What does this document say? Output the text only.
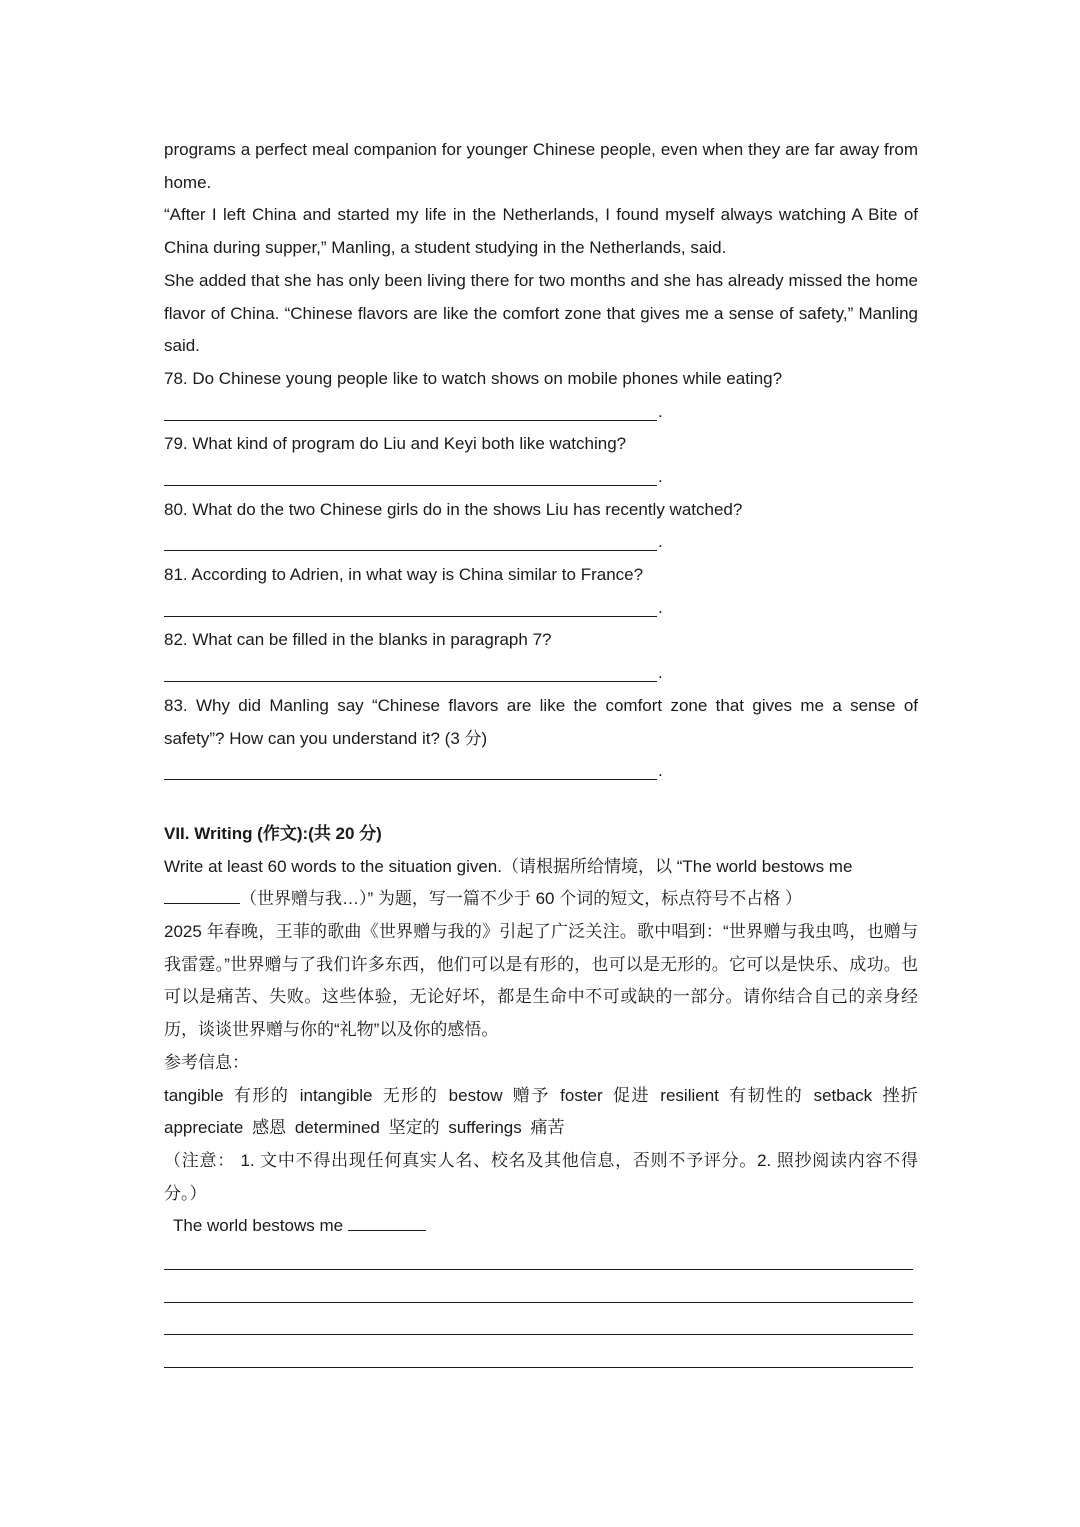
programs a perfect meal companion for younger Chinese people, even when they are far away from home.

“After I left China and started my life in the Netherlands, I found myself always watching A Bite of China during supper,” Manling, a student studying in the Netherlands, said.

She added that she has only been living there for two months and she has already missed the home flavor of China. “Chinese flavors are like the comfort zone that gives me a sense of safety,” Manling said.

78. Do Chinese young people like to watch shows on mobile phones while eating?

.

79. What kind of program do Liu and Keyi both like watching?

.

80. What do the two Chinese girls do in the shows Liu has recently watched?

.

81. According to Adrien, in what way is China similar to France?

.

82. What can be filled in the blanks in paragraph 7?

.

83. Why did Manling say “Chinese flavors are like the comfort zone that gives me a sense of safety”? How can you understand it? (3 分)

.

VII. Writing (作文):(共 20 分)

Write at least 60 words to the situation given.（请根据所给情境，以 “The world bestows me
（世界赠与我…）” 为题，写一篇不少于 60 个词的短文，标点符号不占格 ）

2025 年春晚，王菲的歌曲《世界赠与我的》引起了广泛关注。歌中唱到：“世界赠与我虫鸣，也赠与我雷霆。”世界赠与了我们许多东西，他们可以是有形的，也可以是无形的。它可以是快乐、成功。也可以是痛苦、失败。这些体验，无论好坏，都是生命中不可或缺的一部分。请你结合自己的亲身经历，谈谈世界赠与你的“礼物”以及你的感悟。

参考信息：

tangible 有形的 intangible 无形的 bestow 赠予 foster 促进 resilient 有韧性的 setback 挫折 appreciate 感恩 determined 坚定的 sufferings 痛苦

（注意： 1. 文中不得出现任何真实人名、校名及其他信息，否则不予评分。2. 照抄阅读内容不得分。）

The world bestows me
